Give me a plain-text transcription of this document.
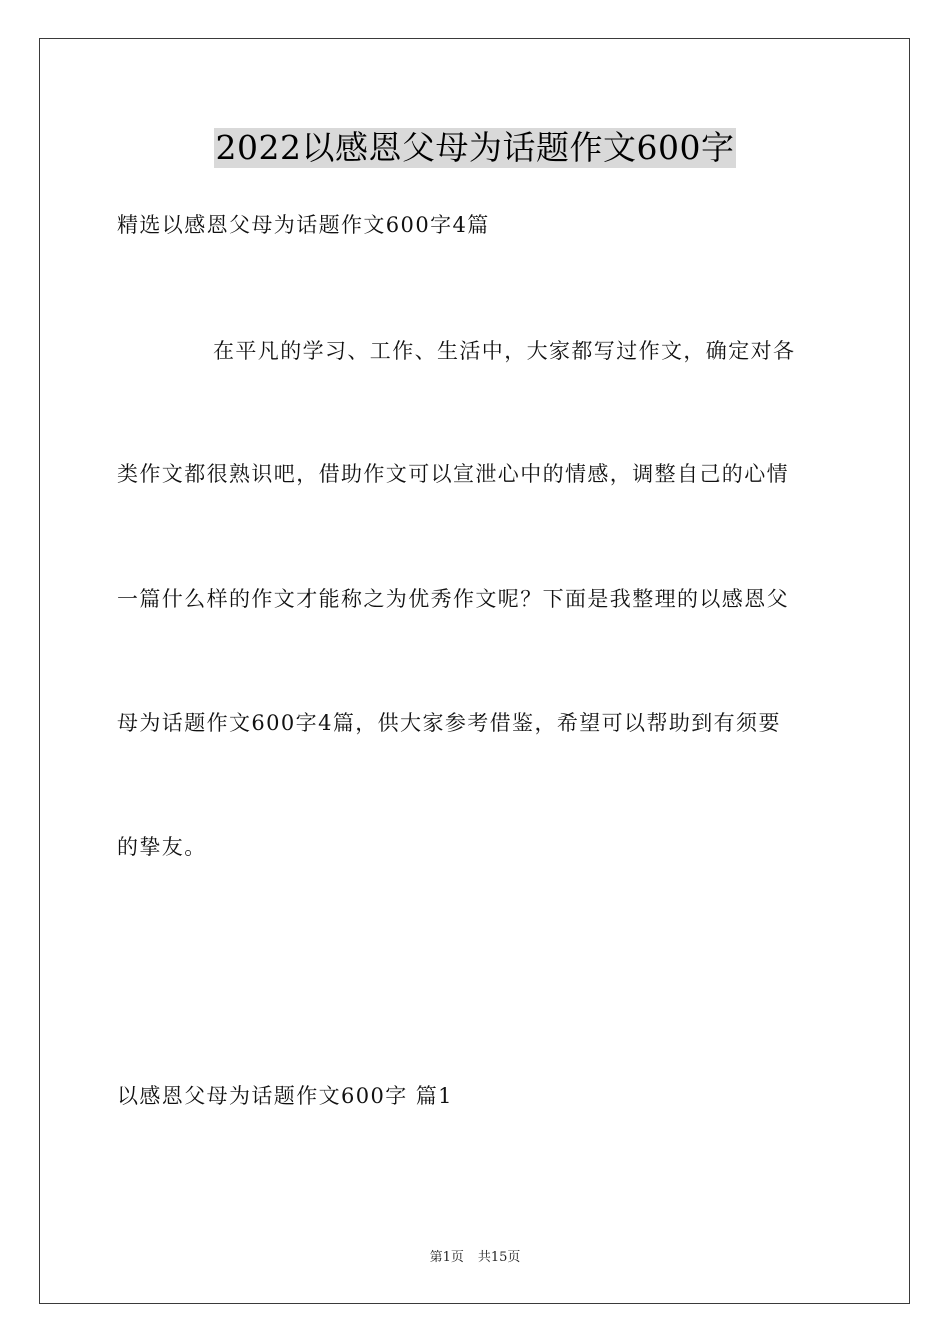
2022以感恩父母为话题作文600字
精选以感恩父母为话题作文600字4篇
在平凡的学习、工作、生活中，大家都写过作文，确定对各
类作文都很熟识吧，借助作文可以宣泄心中的情感，调整自己的心情
一篇什么样的作文才能称之为优秀作文呢？下面是我整理的以感恩父
母为话题作文600字4篇，供大家参考借鉴，希望可以帮助到有须要
的挚友。
以感恩父母为话题作文600字 篇1
第1页 共15页
